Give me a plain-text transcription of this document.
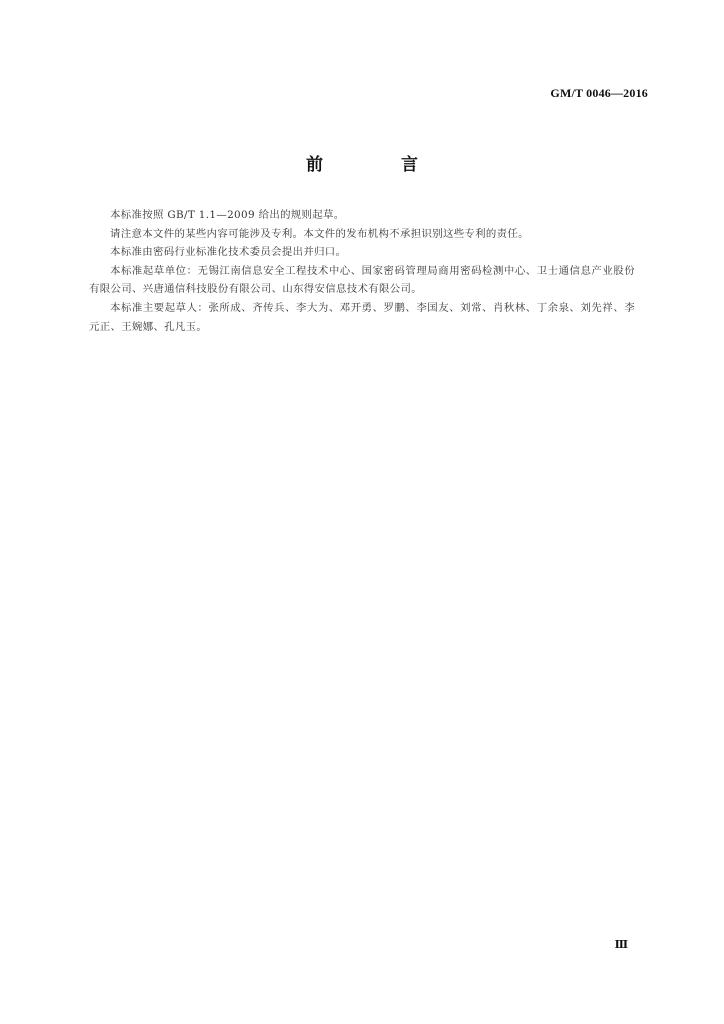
GM/T 0046—2016
前 言

本标准按照 GB/T 1.1—2009 给出的规则起草。

请注意本文件的某些内容可能涉及专利。本文件的发布机构不承担识别这些专利的责任。

本标准由密码行业标准化技术委员会提出并归口。

本标准起草单位：无锡江南信息安全工程技术中心、国家密码管理局商用密码检测中心、卫士通信息产业股份有限公司、兴唐通信科技股份有限公司、山东得安信息技术有限公司。

本标准主要起草人：张所成、齐传兵、李大为、邓开勇、罗鹏、李国友、刘常、肖秋林、丁余泉、刘先祥、李元正、王婉娜、孔凡玉。

Ⅲ
